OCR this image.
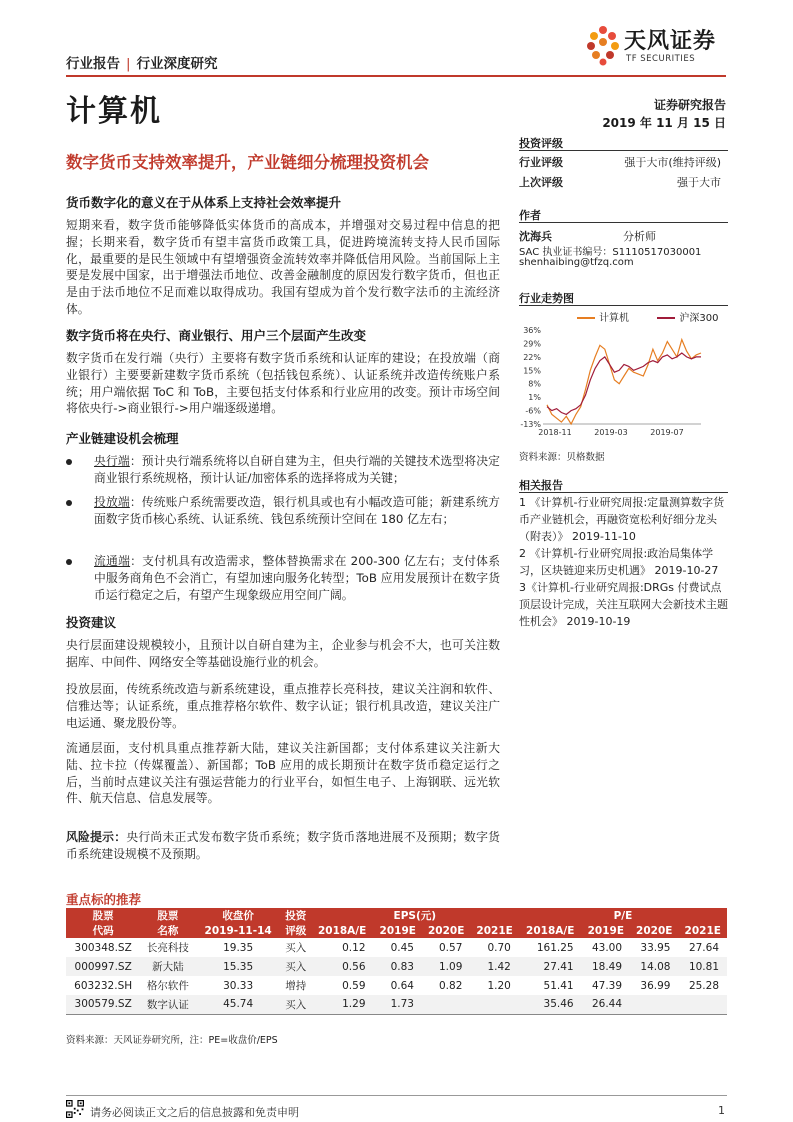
行业报告 | 行业深度研究
天风证券
TF SECURITIES
计算机	证券研究报告
2019 年 11 月 15 日
数字货币支持效率提升，产业链细分梳理投资机会
货币数字化的意义在于从体系上支持社会效率提升
短期来看，数字货币能够降低实体货币的高成本，并增强对交易过程中信息的把握；长期来看，数字货币有望丰富货币政策工具，促进跨境流转支持人民币国际化，最重要的是民生领域中有望增强资金流转效率并降低信用风险。当前国际上主要是发展中国家，出于增强法币地位、改善金融制度的原因发行数字货币，但也正是由于法币地位不足而难以取得成功。我国有望成为首个发行数字法币的主流经济体。
数字货币将在央行、商业银行、用户三个层面产生改变
数字货币在发行端（央行）主要将有数字货币系统和认证库的建设；在投放端（商业银行）主要要新建数字货币系统（包括钱包系统）、认证系统并改造传统账户系统；用户端依据 ToC 和 ToB，主要包括支付体系和行业应用的改变。预计市场空间将依央行->商业银行->用户端逐级递增。
产业链建设机会梳理
央行端：预计央行端系统将以自研自建为主，但央行端的关键技术选型将决定商业银行系统规格，预计认证/加密体系的选择将成为关键；
投放端：传统账户系统需要改造，银行机具或也有小幅改造可能；新建系统方面数字货币核心系统、认证系统、钱包系统预计空间在 180 亿左右；
流通端：支付机具有改造需求，整体替换需求在 200-300 亿左右；支付体系中服务商角色不会消亡，有望加速向服务化转型；ToB 应用发展预计在数字货币运行稳定之后，有望产生现象级应用空间广阔。
投资建议
央行层面建设规模较小，且预计以自研自建为主，企业参与机会不大，也可关注数据库、中间件、网络安全等基础设施行业的机会。
投放层面，传统系统改造与新系统建设，重点推荐长亮科技，建议关注润和软件、信雅达等；认证系统，重点推荐格尔软件、数字认证；银行机具改造，建议关注广电运通、聚龙股份等。
流通层面，支付机具重点推荐新大陆，建议关注新国都；支付体系建议关注新大陆、拉卡拉（传媒覆盖）、新国都；ToB 应用的成长期预计在数字货币稳定运行之后，当前时点建议关注有强运营能力的行业平台，如恒生电子、上海钢联、远光软件、航天信息、信息发展等。
风险提示：央行尚未正式发布数字货币系统；数字货币落地进展不及预期；数字货币系统建设规模不及预期。
投资评级
行业评级	强于大市(维持评级)
上次评级	强于大市
作者
沈海兵	分析师
SAC 执业证书编号：S1110517030001
shenhaibing@tfzq.com
行业走势图
计算机	沪深300
36%
29%
22%
15%
8%
1%
-6%
-13%
2018-11	2019-03	2019-07
资料来源：贝格数据
相关报告
1 《计算机-行业研究周报:定量测算数字货币产业链机会，再融资宽松利好细分龙头（附表）》 2019-11-10
2 《计算机-行业研究周报:政治局集体学习，区块链迎来历史机遇》 2019-10-27
3《计算机-行业研究周报:DRGs 付费试点顶层设计完成，关注互联网大会新技术主题性机会》 2019-10-19
重点标的推荐
股票	股票	收盘价	投资	EPS(元)				P/E			
代码	名称	2019-11-14	评级	2018A/E	2019E	2020E	2021E	2018A/E	2019E	2020E	2021E
300348.SZ	长亮科技	19.35	买入	0.12	0.45	0.57	0.70	161.25	43.00	33.95	27.64
000997.SZ	新大陆	15.35	买入	0.56	0.83	1.09	1.42	27.41	18.49	14.08	10.81
603232.SH	格尔软件	30.33	增持	0.59	0.64	0.82	1.20	51.41	47.39	36.99	25.28
300579.SZ	数字认证	45.74	买入	1.29	1.73			35.46	26.44		
资料来源：天风证券研究所，注：PE=收盘价/EPS
请务必阅读正文之后的信息披露和免责申明	1
